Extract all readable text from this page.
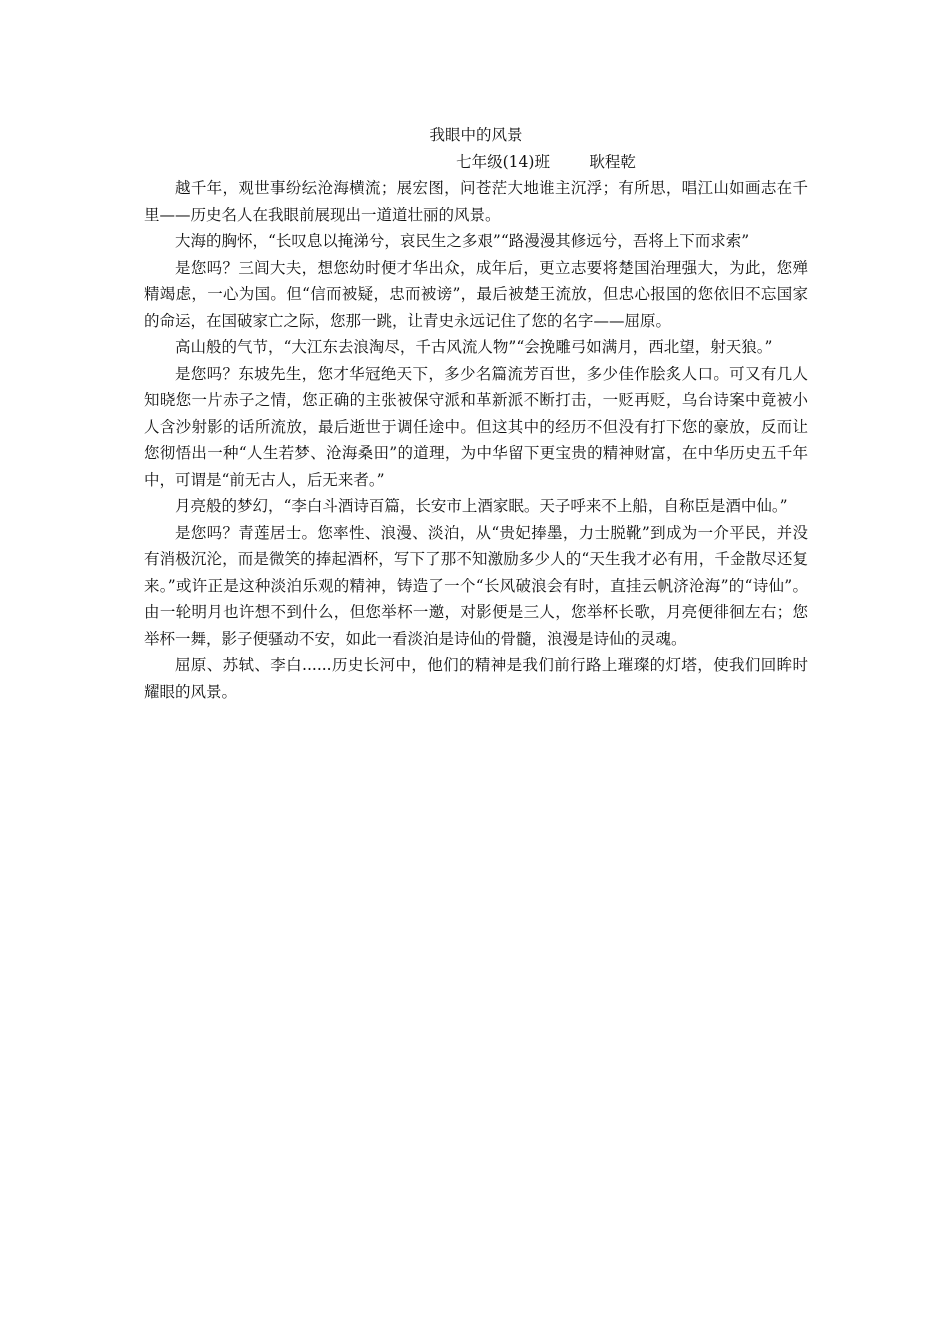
我眼中的风景

七年级(14)班        耿程乾

越千年，观世事纷纭沧海横流；展宏图，问苍茫大地谁主沉浮；有所思，唱江山如画志在千里——历史名人在我眼前展现出一道道壮丽的风景。

大海的胸怀，“长叹息以掩涕兮，哀民生之多艰”“路漫漫其修远兮，吾将上下而求索”

是您吗？三闾大夫，想您幼时便才华出众，成年后，更立志要将楚国治理强大，为此，您殚精竭虑，一心为国。但“信而被疑，忠而被谤”，最后被楚王流放，但忠心报国的您依旧不忘国家的命运，在国破家亡之际，您那一跳，让青史永远记住了您的名字——屈原。

高山般的气节，“大江东去浪淘尽，千古风流人物”“会挽雕弓如满月，西北望，射天狼。”

是您吗？东坡先生，您才华冠绝天下，多少名篇流芳百世，多少佳作脍炙人口。可又有几人知晓您一片赤子之情，您正确的主张被保守派和革新派不断打击，一贬再贬，乌台诗案中竟被小人含沙射影的话所流放，最后逝世于调任途中。但这其中的经历不但没有打下您的豪放，反而让您彻悟出一种“人生若梦、沧海桑田”的道理，为中华留下更宝贵的精神财富，在中华历史五千年中，可谓是“前无古人，后无来者。”

月亮般的梦幻，“李白斗酒诗百篇，长安市上酒家眠。天子呼来不上船，自称臣是酒中仙。”

是您吗？青莲居士。您率性、浪漫、淡泊，从“贵妃捧墨，力士脱靴”到成为一介平民，并没有消极沉沦，而是微笑的捧起酒杯，写下了那不知激励多少人的“天生我才必有用，千金散尽还复来。”或许正是这种淡泊乐观的精神，铸造了一个“长风破浪会有时，直挂云帆济沧海”的“诗仙”。由一轮明月也许想不到什么，但您举杯一邀，对影便是三人，您举杯长歌，月亮便徘徊左右；您举杯一舞，影子便骚动不安，如此一看淡泊是诗仙的骨髓，浪漫是诗仙的灵魂。

屈原、苏轼、李白......历史长河中，他们的精神是我们前行路上璀璨的灯塔，使我们回眸时耀眼的风景。
